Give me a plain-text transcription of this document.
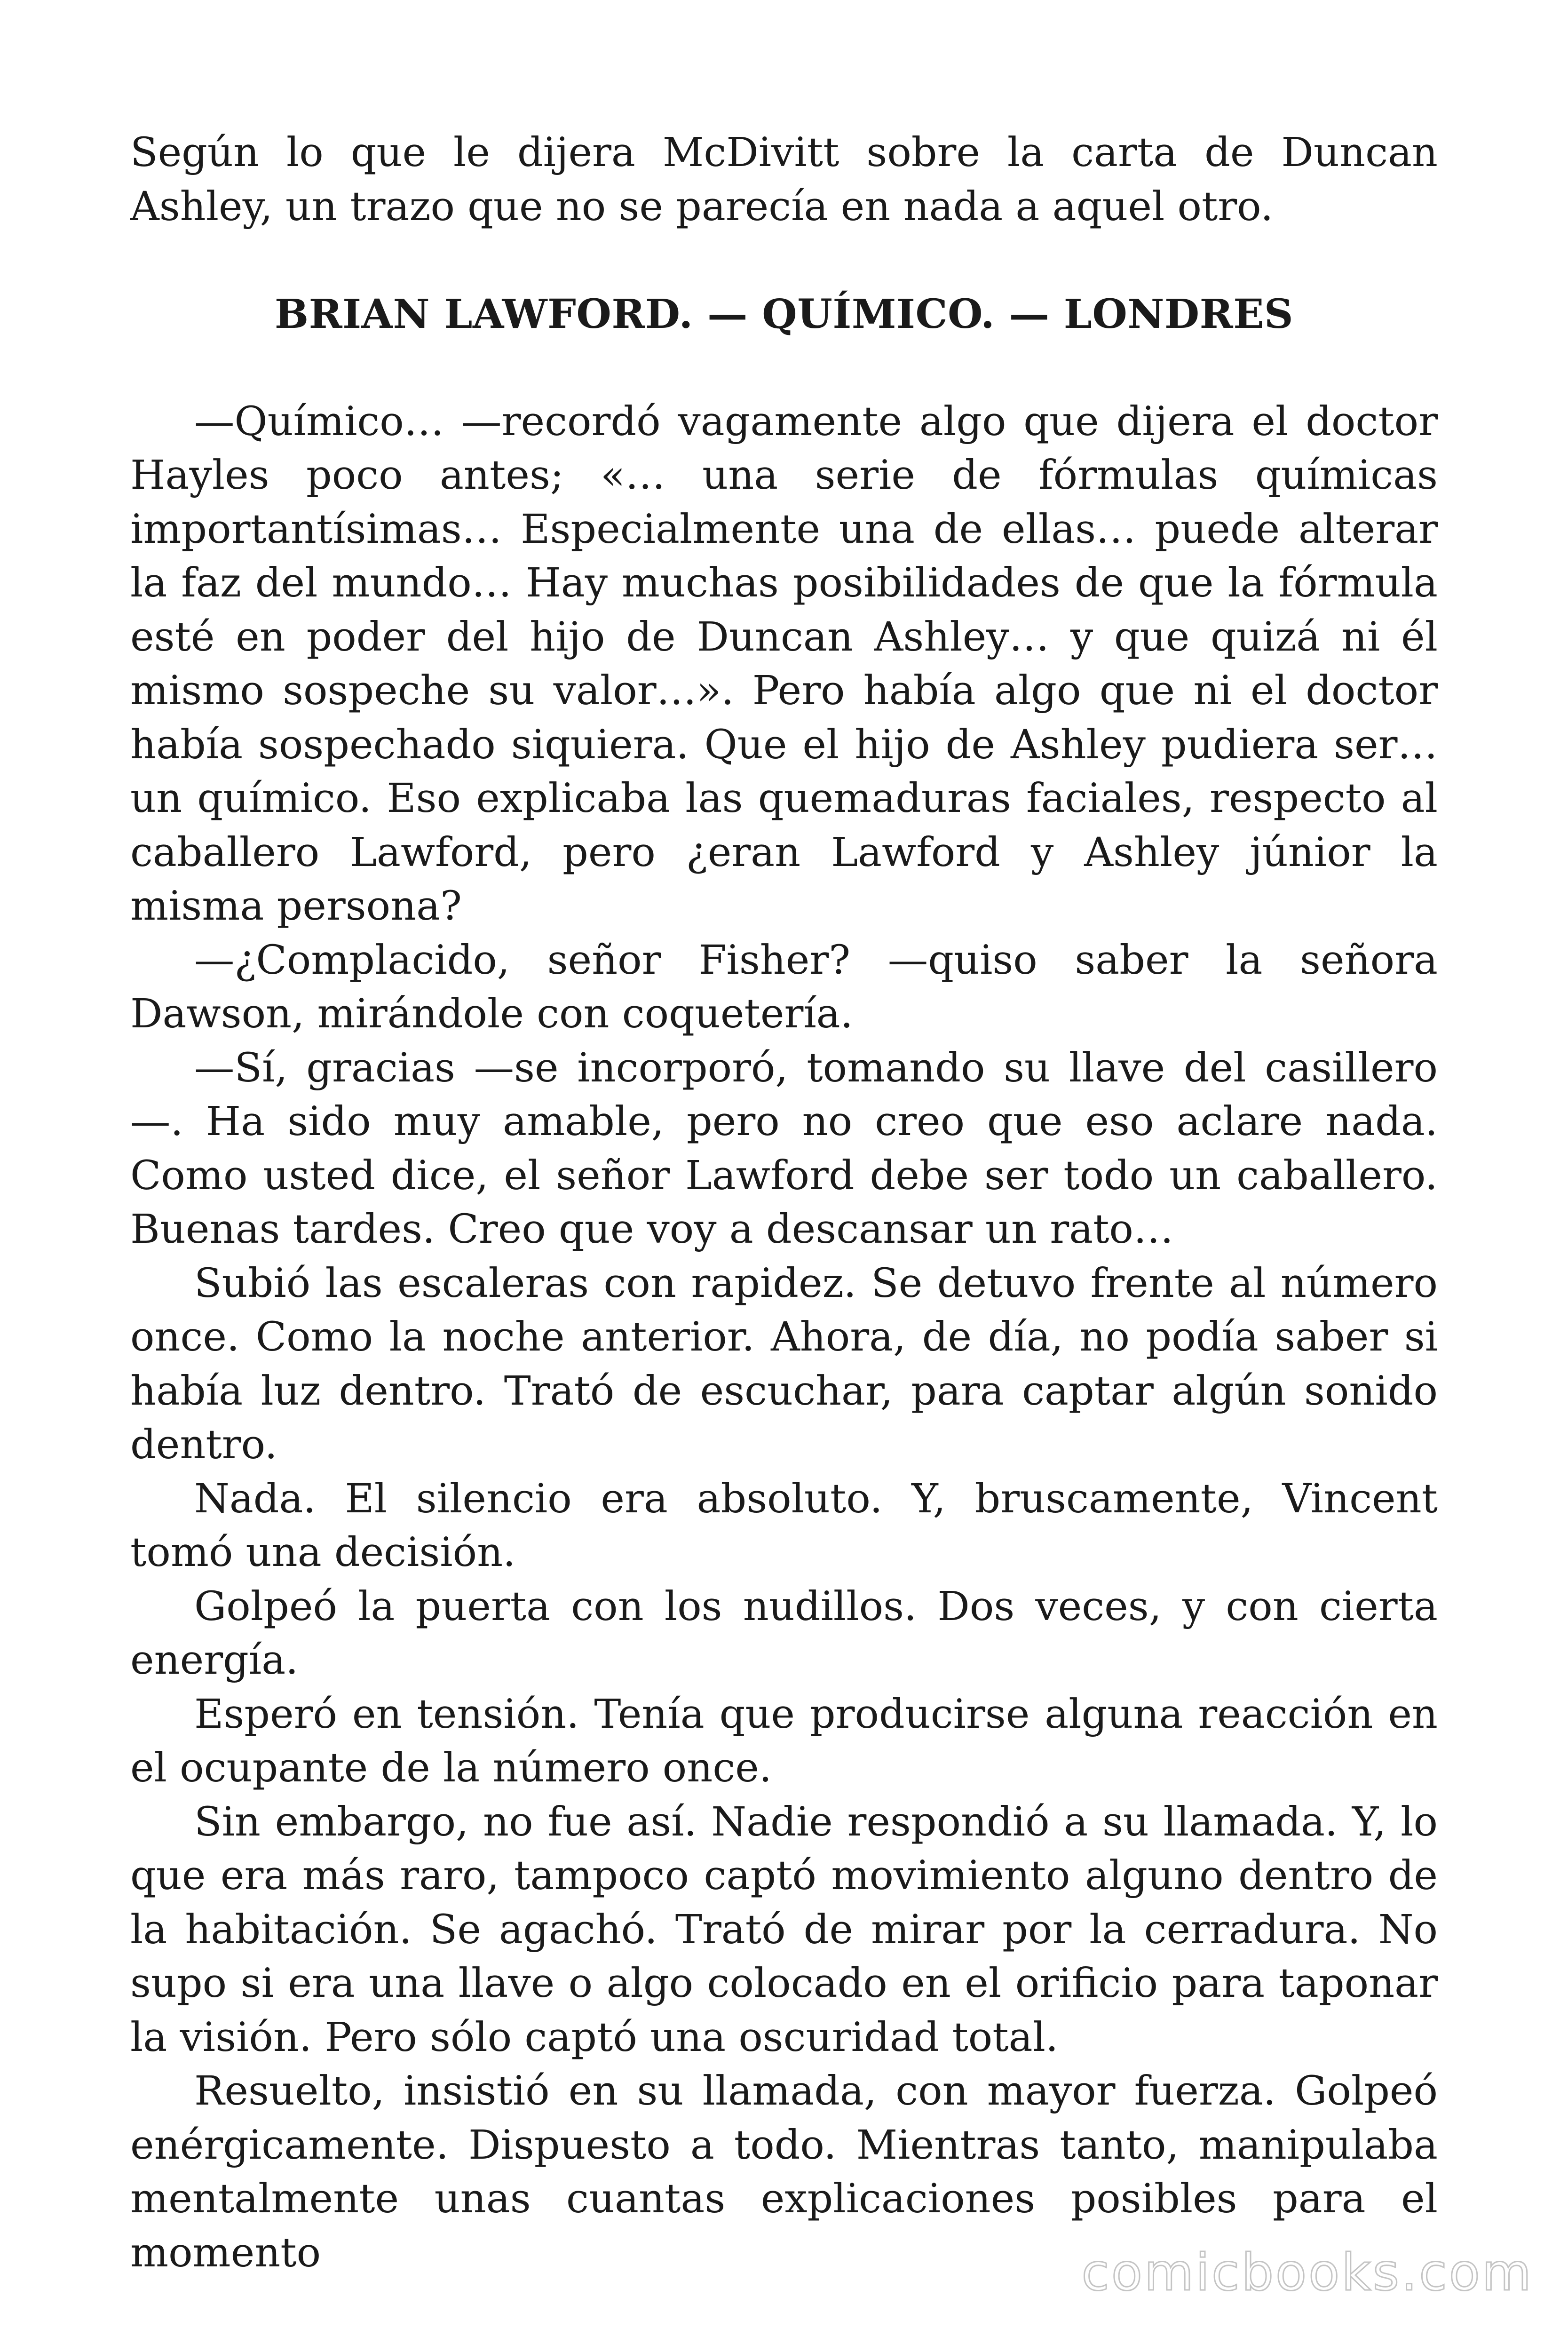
Según lo que le dijera McDivitt sobre la carta de Duncan Ashley, un trazo que no se parecía en nada a aquel otro.

BRIAN LAWFORD. — QUÍMICO. — LONDRES

—Químico… —recordó vagamente algo que dijera el doctor Hayles poco antes; «… una serie de fórmulas químicas importantísimas… Especialmente una de ellas… puede alterar la faz del mundo… Hay muchas posibilidades de que la fórmula esté en poder del hijo de Duncan Ashley… y que quizá ni él mismo sospeche su valor…». Pero había algo que ni el doctor había sospechado siquiera. Que el hijo de Ashley pudiera ser… un químico. Eso explicaba las quemaduras faciales, respecto al caballero Lawford, pero ¿eran Lawford y Ashley júnior la misma persona?

—¿Complacido, señor Fisher? —quiso saber la señora Dawson, mirándole con coquetería.

—Sí, gracias —se incorporó, tomando su llave del casillero—. Ha sido muy amable, pero no creo que eso aclare nada. Como usted dice, el señor Lawford debe ser todo un caballero. Buenas tardes. Creo que voy a descansar un rato…

Subió las escaleras con rapidez. Se detuvo frente al número once. Como la noche anterior. Ahora, de día, no podía saber si había luz dentro. Trató de escuchar, para captar algún sonido dentro.

Nada. El silencio era absoluto. Y, bruscamente, Vincent tomó una decisión.

Golpeó la puerta con los nudillos. Dos veces, y con cierta energía.

Esperó en tensión. Tenía que producirse alguna reacción en el ocupante de la número once.

Sin embargo, no fue así. Nadie respondió a su llamada. Y, lo que era más raro, tampoco captó movimiento alguno dentro de la habitación. Se agachó. Trató de mirar por la cerradura. No supo si era una llave o algo colocado en el orificio para taponar la visión. Pero sólo captó una oscuridad total.

Resuelto, insistió en su llamada, con mayor fuerza. Golpeó enérgicamente. Dispuesto a todo. Mientras tanto, manipulaba mentalmente unas cuantas explicaciones posibles para el momento	comicbooks.com
